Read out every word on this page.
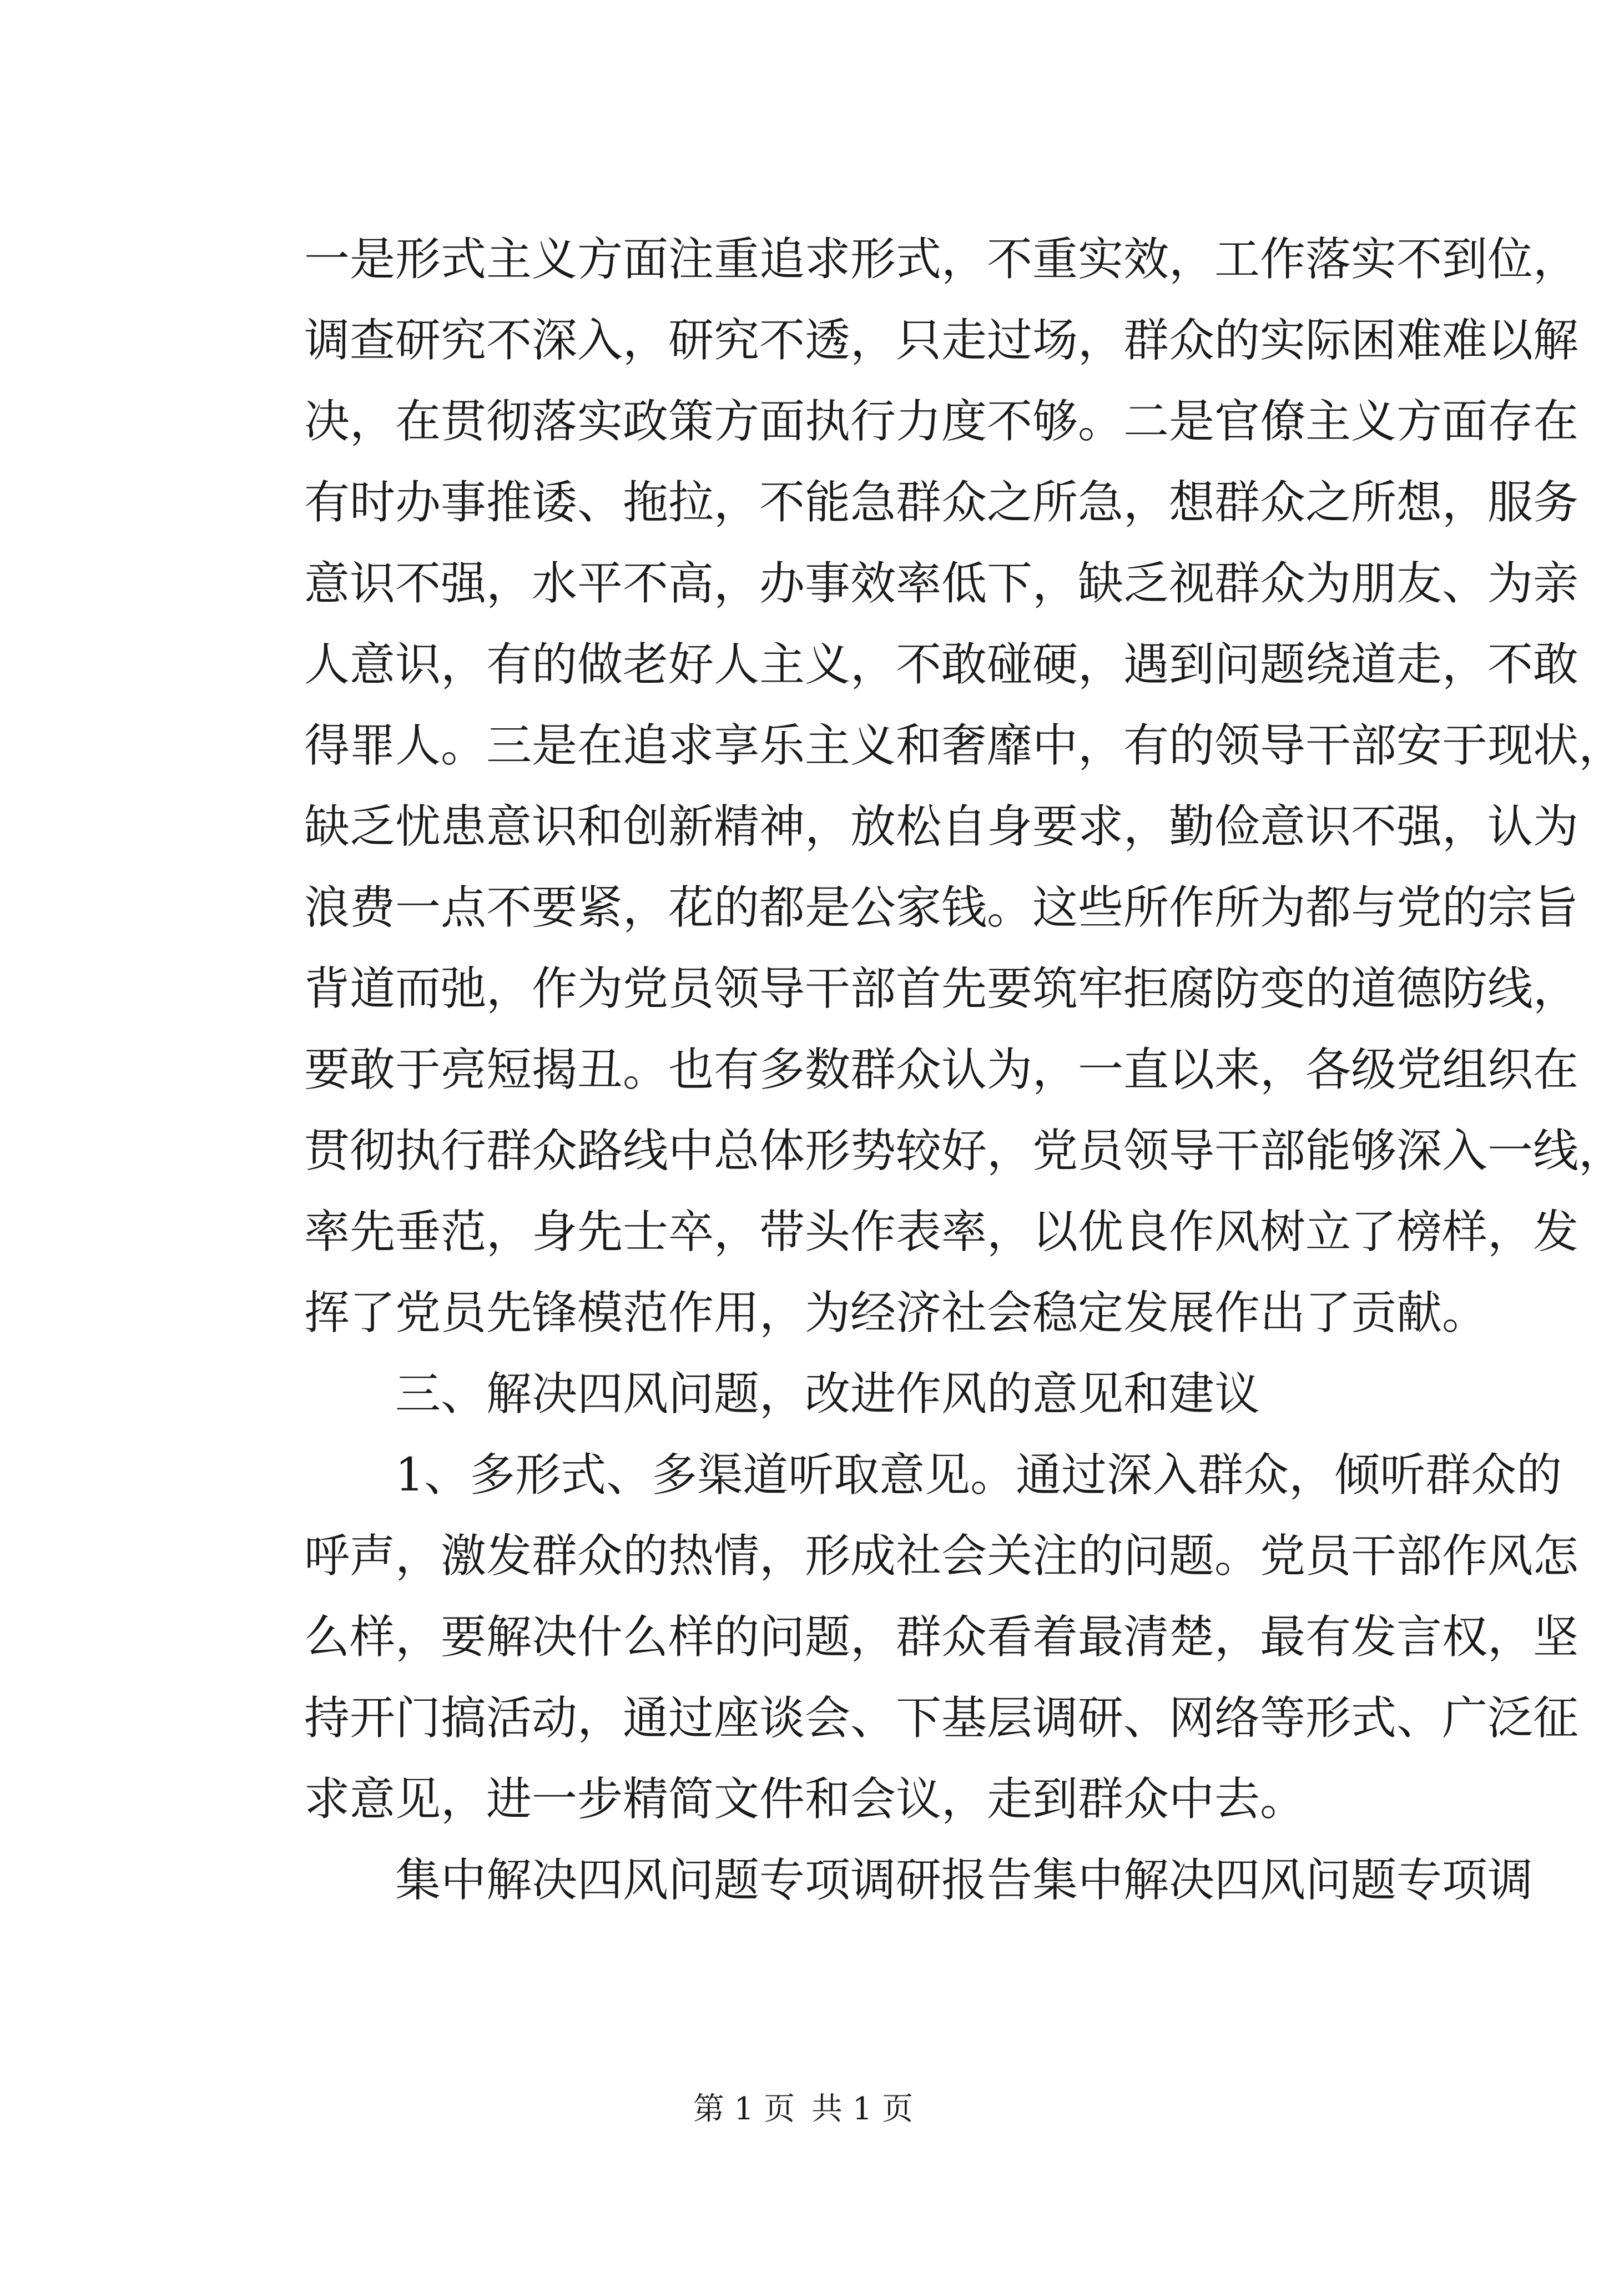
一是形式主义方面注重追求形式，不重实效，工作落实不到位，
调查研究不深入，研究不透，只走过场，群众的实际困难难以解
决，在贯彻落实政策方面执行力度不够。二是官僚主义方面存在
有时办事推诿、拖拉，不能急群众之所急，想群众之所想，服务
意识不强，水平不高，办事效率低下，缺乏视群众为朋友、为亲
人意识，有的做老好人主义，不敢碰硬，遇到问题绕道走，不敢
得罪人。三是在追求享乐主义和奢靡中，有的领导干部安于现状，
缺乏忧患意识和创新精神，放松自身要求，勤俭意识不强，认为
浪费一点不要紧，花的都是公家钱。这些所作所为都与党的宗旨
背道而弛，作为党员领导干部首先要筑牢拒腐防变的道德防线，
要敢于亮短揭丑。也有多数群众认为，一直以来，各级党组织在
贯彻执行群众路线中总体形势较好，党员领导干部能够深入一线，
率先垂范，身先士卒，带头作表率，以优良作风树立了榜样，发
挥了党员先锋模范作用，为经济社会稳定发展作出了贡献。
三、解决四风问题，改进作风的意见和建议
1、多形式、多渠道听取意见。通过深入群众，倾听群众的
呼声，激发群众的热情，形成社会关注的问题。党员干部作风怎
么样，要解决什么样的问题，群众看着最清楚，最有发言权，坚
持开门搞活动，通过座谈会、下基层调研、网络等形式、广泛征
求意见，进一步精简文件和会议，走到群众中去。
集中解决四风问题专项调研报告集中解决四风问题专项调
第 1 页 共 1 页
